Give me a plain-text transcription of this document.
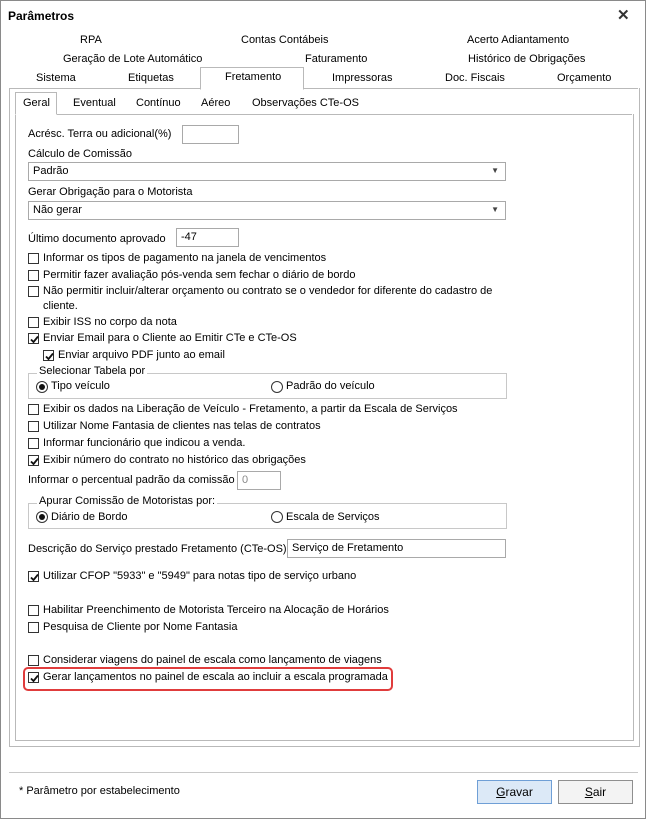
Parâmetros	✕
RPA	Contas Contábeis	Acerto Adiantamento
Geração de Lote Automático	Faturamento	Histórico de Obrigações
Sistema	Etiquetas	Fretamento	Impressoras	Doc. Fiscais	Orçamento
Geral Eventual Contínuo Aéreo Observações CTe-OS
Acrésc. Terra ou adicional(%)
Cálculo de Comissão
Padrão	▼
Gerar Obrigação para o Motorista
Não gerar	▼
Último documento aprovado	-47
Informar os tipos de pagamento na janela de vencimentos
Permitir fazer avaliação pós-venda sem fechar o diário de bordo
Não permitir incluir/alterar orçamento ou contrato se o vendedor for diferente do cadastro de
cliente.
Exibir ISS no corpo da nota
Enviar Email para o Cliente ao Emitir CTe e CTe-OS
Enviar arquivo PDF junto ao email
Selecionar Tabela por
Tipo veículo	Padrão do veículo
Exibir os dados na Liberação de Veículo - Fretamento, a partir da Escala de Serviços
Utilizar Nome Fantasia de clientes nas telas de contratos
Informar funcionário que indicou a venda.
Exibir número do contrato no histórico das obrigações
Informar o percentual padrão da comissão 0
Apurar Comissão de Motoristas por:
Diário de Bordo	Escala de Serviços
Descrição do Serviço prestado Fretamento (CTe-OS) Serviço de Fretamento
Utilizar CFOP "5933" e "5949" para notas tipo de serviço urbano
Habilitar Preenchimento de Motorista Terceiro na Alocação de Horários
Pesquisa de Cliente por Nome Fantasia
Considerar viagens do painel de escala como lançamento de viagens
Gerar lançamentos no painel de escala ao incluir a escala programada
* Parâmetro por estabelecimento	Gravar	Sair
